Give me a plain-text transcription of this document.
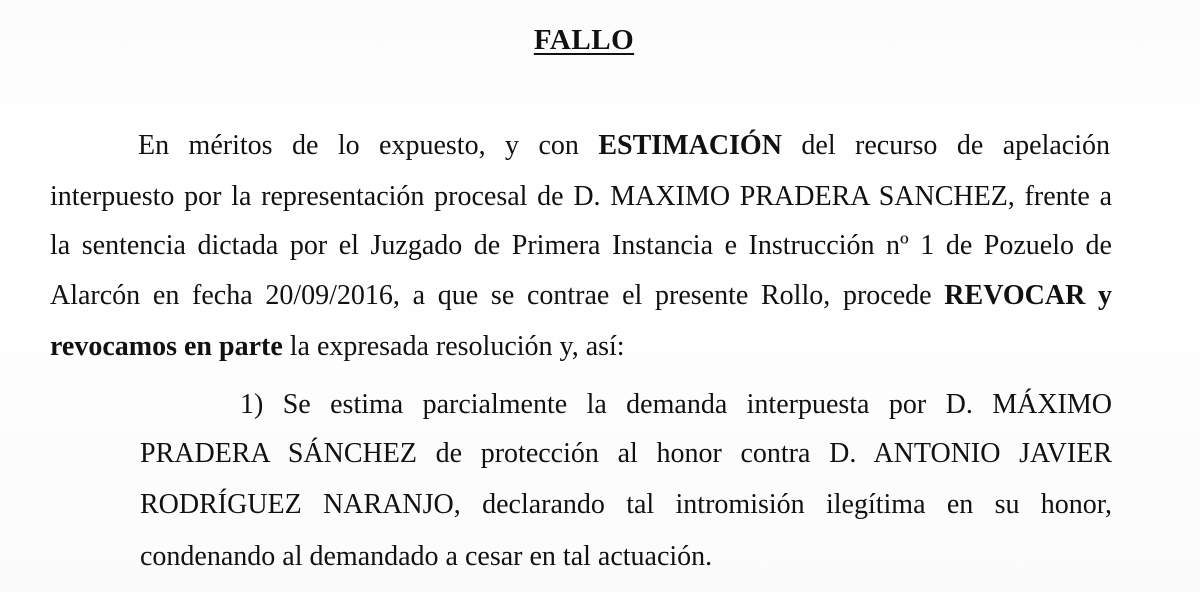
FALLO
En méritos de lo expuesto, y con ESTIMACIÓN del recurso de apelación
interpuesto por la representación procesal de D. MAXIMO PRADERA SANCHEZ, frente a
la sentencia dictada por el Juzgado de Primera Instancia e Instrucción nº 1 de Pozuelo de
Alarcón en fecha 20/09/2016, a que se contrae el presente Rollo, procede REVOCAR y
revocamos en parte la expresada resolución y, así:
1) Se estima parcialmente la demanda interpuesta por D. MÁXIMO
PRADERA SÁNCHEZ de protección al honor contra D. ANTONIO JAVIER
RODRÍGUEZ NARANJO, declarando tal intromisión ilegítima en su honor,
condenando al demandado a cesar en tal actuación.
